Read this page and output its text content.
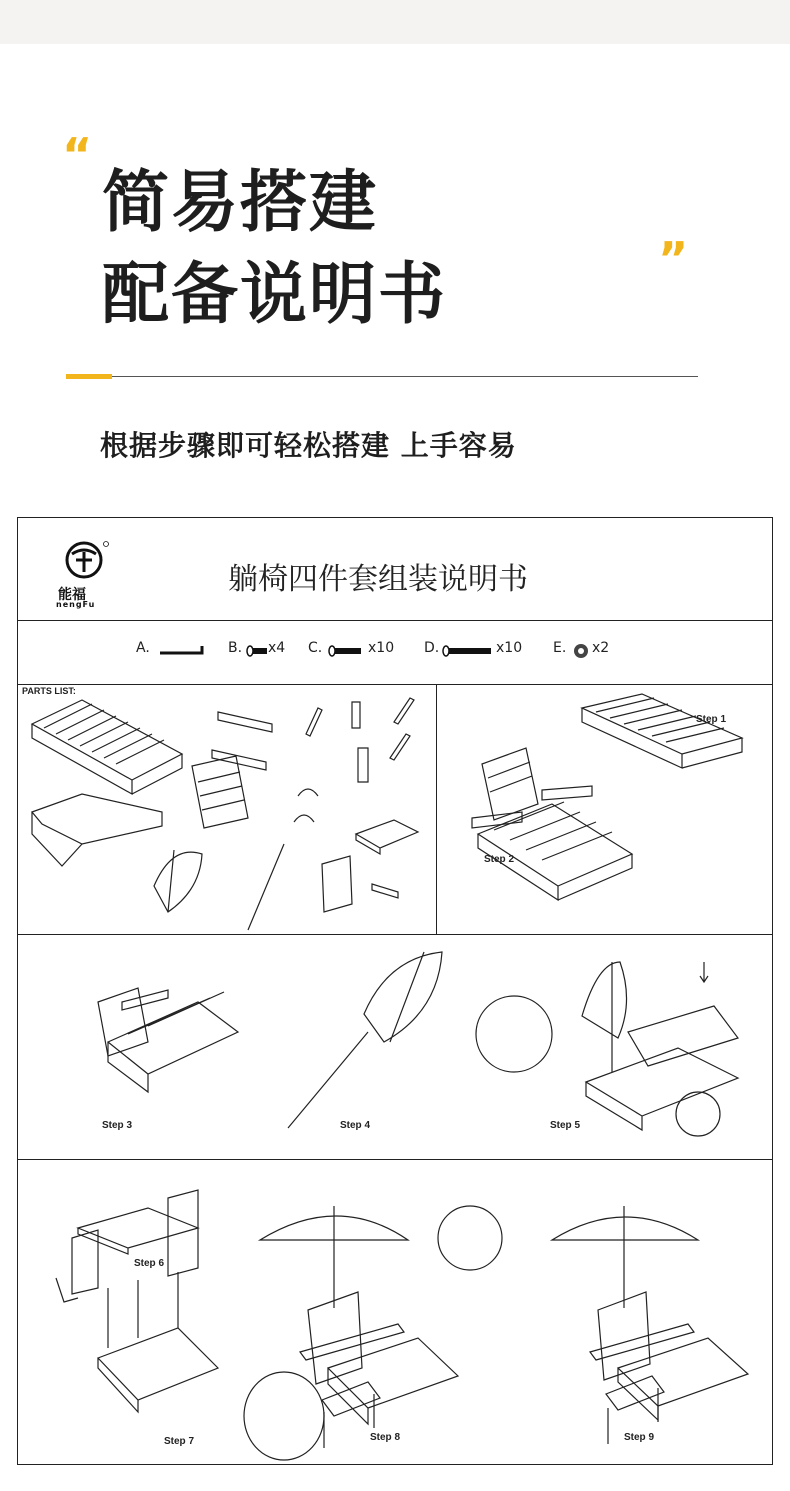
“
简易搭建
配备说明书	”
根据步骤即可轻松搭建 上手容易
能福
nengFu
躺椅四件套组装说明书
A.	B. x4 C.	x10 D.	x10 E. x2
PARTS LIST:
Step 1
Step 2
Step 3	Step 4	Step 5
Step 6
Step 7	Step 8	Step 9
